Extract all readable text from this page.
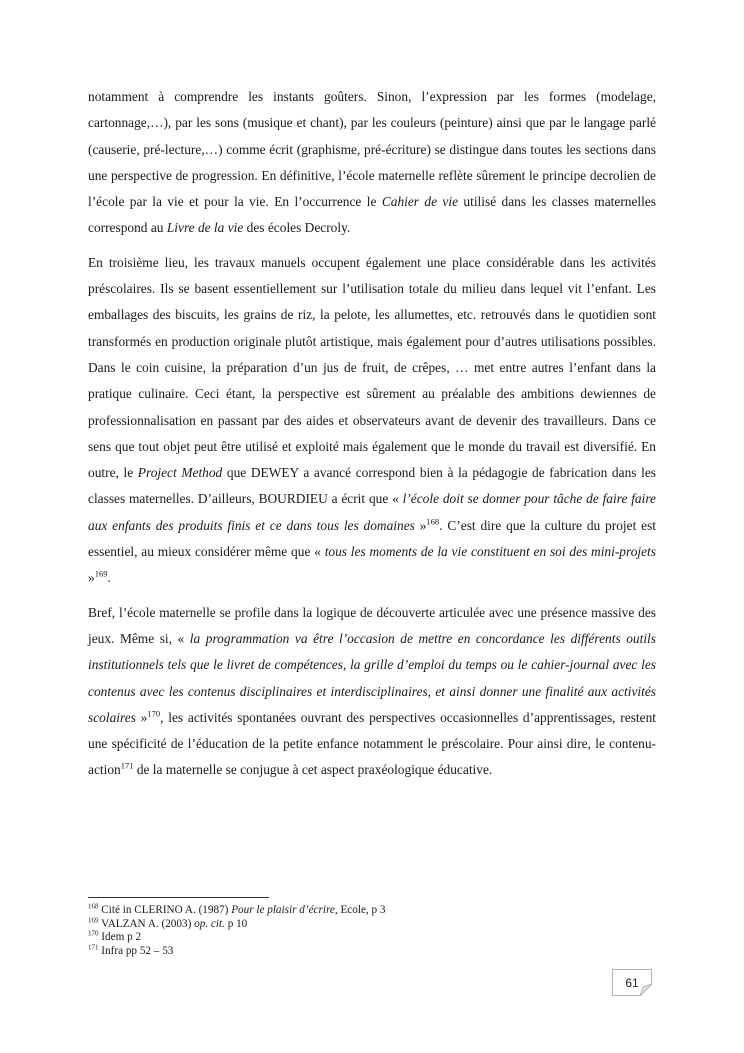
notamment à comprendre les instants goûters. Sinon, l’expression par les formes (modelage, cartonnage,…), par les sons (musique et chant), par les couleurs (peinture) ainsi que par le langage parlé (causerie, pré-lecture,…) comme écrit (graphisme, pré-écriture) se distingue dans toutes les sections dans une perspective de progression. En définitive, l’école maternelle reflète sûrement le principe decrolien de l’école par la vie et pour la vie. En l’occurrence le Cahier de vie utilisé dans les classes maternelles correspond au Livre de la vie des écoles Decroly.

En troisième lieu, les travaux manuels occupent également une place considérable dans les activités préscolaires. Ils se basent essentiellement sur l’utilisation totale du milieu dans lequel vit l’enfant. Les emballages des biscuits, les grains de riz, la pelote, les allumettes, etc. retrouvés dans le quotidien sont transformés en production originale plutôt artistique, mais également pour d’autres utilisations possibles. Dans le coin cuisine, la préparation d’un jus de fruit, de crêpes, … met entre autres l’enfant dans la pratique culinaire. Ceci étant, la perspective est sûrement au préalable des ambitions dewiennes de professionnalisation en passant par des aides et observateurs avant de devenir des travailleurs. Dans ce sens que tout objet peut être utilisé et exploité mais également que le monde du travail est diversifié. En outre, le Project Method que DEWEY a avancé correspond bien à la pédagogie de fabrication dans les classes maternelles. D’ailleurs, BOURDIEU a écrit que « l’école doit se donner pour tâche de faire faire aux enfants des produits finis et ce dans tous les domaines »$^{168}$. C’est dire que la culture du projet est essentiel, au mieux considérer même que « tous les moments de la vie constituent en soi des mini-projets »$^{169}$.

Bref, l’école maternelle se profile dans la logique de découverte articulée avec une présence massive des jeux. Même si, « la programmation va être l’occasion de mettre en concordance les différents outils institutionnels tels que le livret de compétences, la grille d’emploi du temps ou le cahier-journal avec les contenus avec les contenus disciplinaires et interdisciplinaires, et ainsi donner une finalité aux activités scolaires »$^{170}$, les activités spontanées ouvrant des perspectives occasionnelles d’apprentissages, restent une spécificité de l’éducation de la petite enfance notamment le préscolaire. Pour ainsi dire, le contenu-action$^{171}$ de la maternelle se conjugue à cet aspect praxéologique éducative.

$^{168}$ Cité in CLERINO A. (1987) Pour le plaisir d’écrire, Ecole, p 3
$^{169}$ VALZAN A. (2003) op. cit. p 10
$^{170}$ Idem p 2
$^{171}$ Infra pp 52 – 53
61
